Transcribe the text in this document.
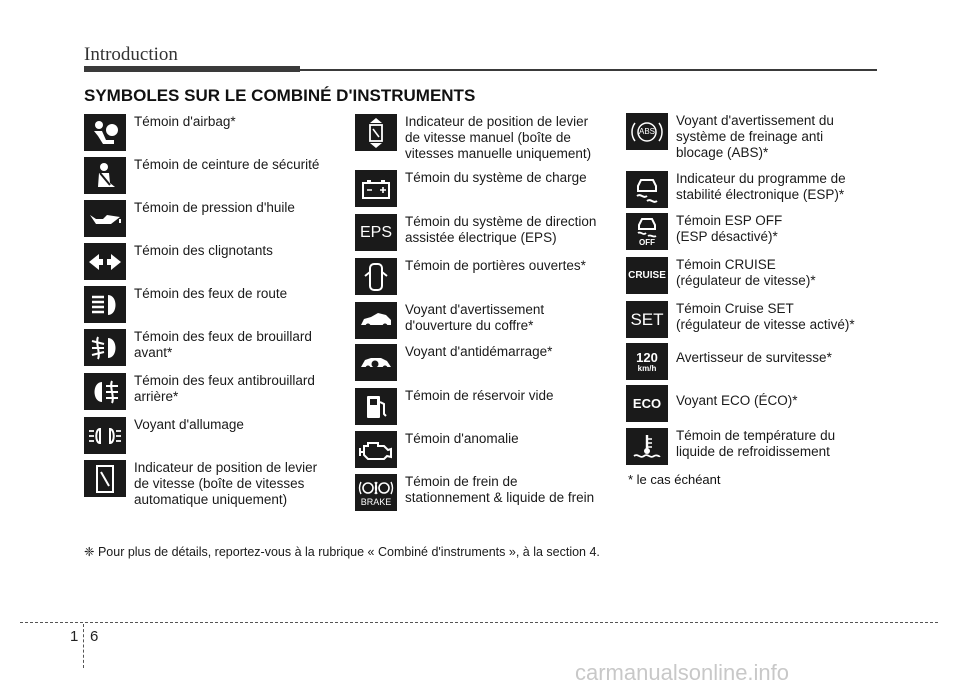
Introduction
SYMBOLES SUR LE COMBINÉ D'INSTRUMENTS
Témoin d'airbag*
Témoin de ceinture de sécurité
Témoin de pression d'huile
Témoin des clignotants
Témoin des feux de route
Témoin des feux de brouillard
avant*
Témoin des feux antibrouillard
arrière*
Voyant d'allumage
Indicateur de position de levier
de vitesse (boîte de vitesses
automatique uniquement)
Indicateur de position de levier
de vitesse manuel (boîte de
vitesses manuelle uniquement)
Témoin du système de charge
EPS
Témoin du système de direction
assistée électrique (EPS)
Témoin de portières ouvertes*
Voyant d'avertissement
d'ouverture du coffre*
Voyant d'antidémarrage*
Témoin de réservoir vide
Témoin d'anomalie
BRAKE
Témoin de frein de
stationnement & liquide de frein
ABS
Voyant d'avertissement du
système de freinage anti
blocage (ABS)*
Indicateur du programme de
stabilité électronique (ESP)*
OFF
Témoin ESP OFF
(ESP désactivé)*
CRUISE
Témoin CRUISE
(régulateur de vitesse)*
SET
Témoin Cruise SET
(régulateur de vitesse activé)*
120
km/h
Avertisseur de survitesse*
ECO Voyant ECO (ÉCO)*
Témoin de température du
liquide de refroidissement
* le cas échéant
❈ Pour plus de détails, reportez-vous à la rubrique « Combiné d'instruments », à la section 4.
1 6
carmanualsonline.info
